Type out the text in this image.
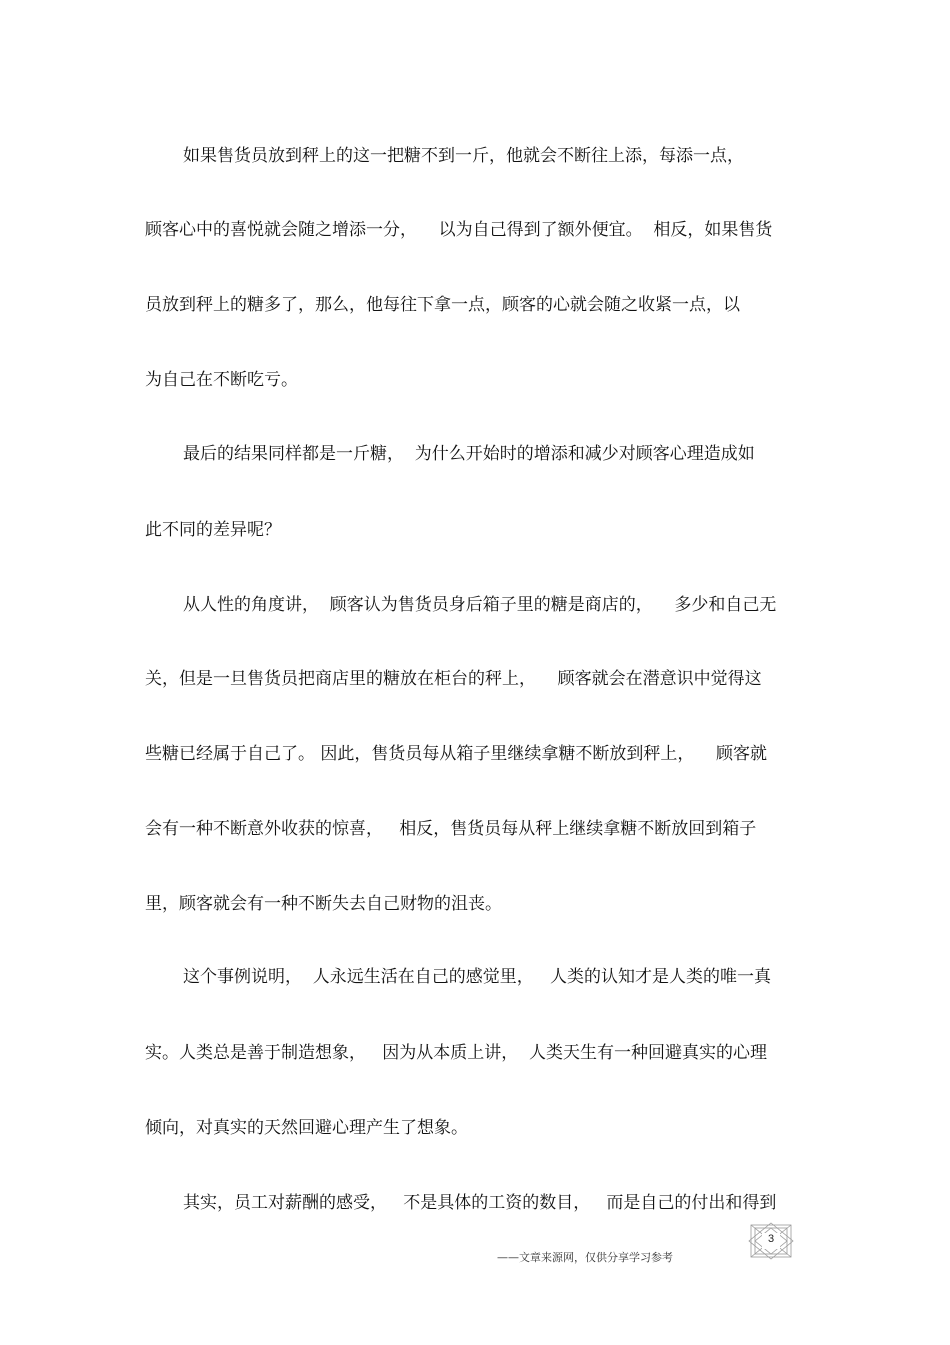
如果售货员放到秤上的这一把糖不到一斤，他就会不断往上添，每添一点，

顾客心中的喜悦就会随之增添一分，    以为自己得到了额外便宜。  相反，如果售货

员放到秤上的糖多了，那么，他每往下拿一点，顾客的心就会随之收紧一点，以

为自己在不断吃亏。

最后的结果同样都是一斤糖，  为什么开始时的增添和减少对顾客心理造成如

此不同的差异呢？

从人性的角度讲，  顾客认为售货员身后箱子里的糖是商店的，    多少和自己无

关，但是一旦售货员把商店里的糖放在柜台的秤上，    顾客就会在潜意识中觉得这

些糖已经属于自己了。 因此，售货员每从箱子里继续拿糖不断放到秤上，    顾客就

会有一种不断意外收获的惊喜，   相反，售货员每从秤上继续拿糖不断放回到箱子

里，顾客就会有一种不断失去自己财物的沮丧。

这个事例说明，  人永远生活在自己的感觉里，   人类的认知才是人类的唯一真

实。人类总是善于制造想象，   因为从本质上讲，  人类天生有一种回避真实的心理

倾向，对真实的天然回避心理产生了想象。

其实，员工对薪酬的感受，   不是具体的工资的数目，   而是自己的付出和得到

——文章来源网，仅供分享学习参考
3
